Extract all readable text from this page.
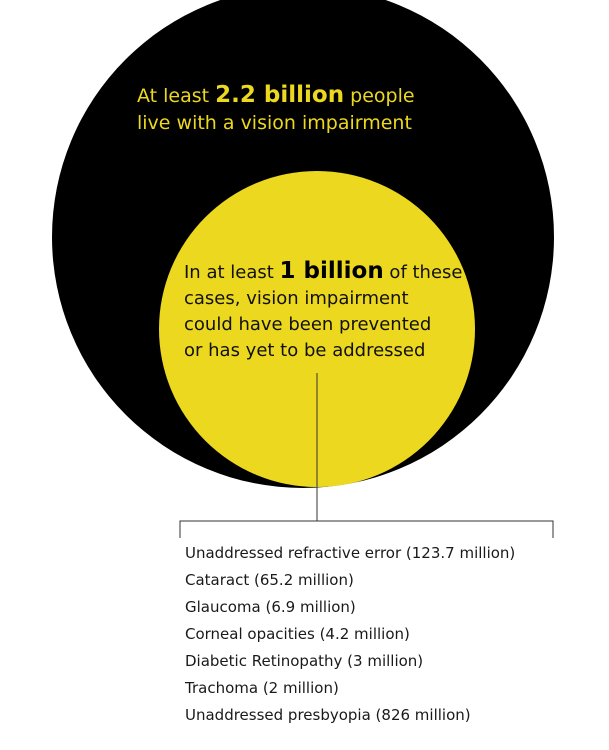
At least 2.2 billion people
live with a vision impairment
In at least 1 billion of these
cases, vision impairment
could have been prevented
or has yet to be addressed
Unaddressed refractive error (123.7 million)
Cataract (65.2 million)
Glaucoma (6.9 million)
Corneal opacities (4.2 million)
Diabetic Retinopathy (3 million)
Trachoma (2 million)
Unaddressed presbyopia (826 million)
